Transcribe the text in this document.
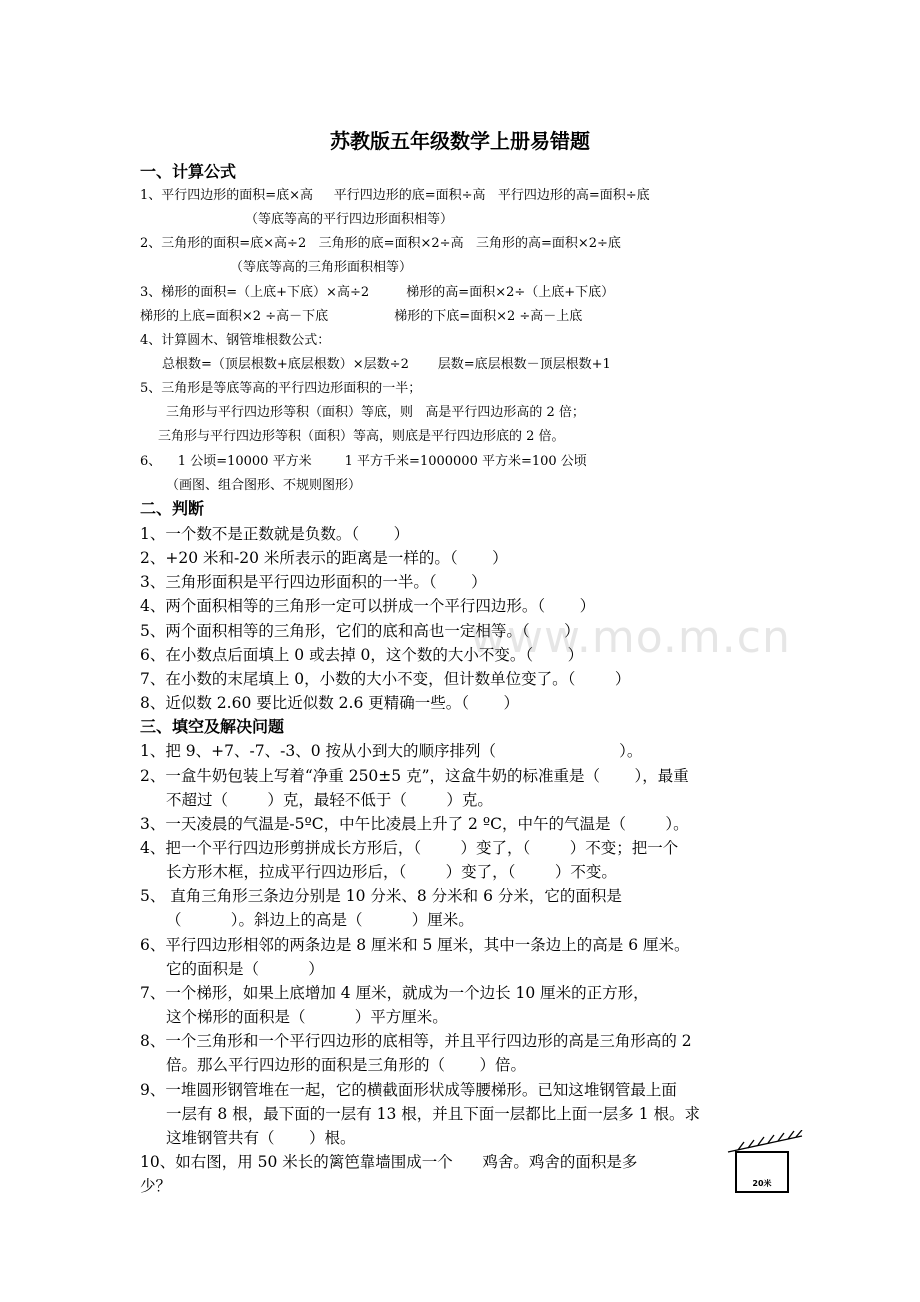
苏教版五年级数学上册易错题
www.mo.m.cn
一、计算公式
1、平行四边形的面积=底×高     平行四边形的底=面积÷高   平行四边形的高=面积÷底
（等底等高的平行四边形面积相等）
2、三角形的面积=底×高÷2   三角形的底=面积×2÷高   三角形的高=面积×2÷底
（等底等高的三角形面积相等）
3、梯形的面积=（上底+下底）×高÷2         梯形的高=面积×2÷（上底+下底）
梯形的上底=面积×2 ÷高－下底                梯形的下底=面积×2 ÷高－上底
4、计算圆木、钢管堆根数公式：
总根数=（顶层根数+底层根数）×层数÷2       层数=底层根数－顶层根数+1
5、三角形是等底等高的平行四边形面积的一半；
三角形与平行四边形等积（面积）等底，则   高是平行四边形高的 2 倍；
三角形与平行四边形等积（面积）等高，则底是平行四边形底的 2 倍。
6、    1 公顷=10000 平方米        1 平方千米=1000000 平方米=100 公顷
（画图、组合图形、不规则图形）
二、判断
1、一个数不是正数就是负数。（       ）
2、+20 米和-20 米所表示的距离是一样的。（       ）
3、三角形面积是平行四边形面积的一半。（       ）
4、两个面积相等的三角形一定可以拼成一个平行四边形。（       ）
5、两个面积相等的三角形，它们的底和高也一定相等。（       ）
6、在小数点后面填上 0 或去掉 0，这个数的大小不变。（       ）
7、在小数的末尾填上 0，小数的大小不变，但计数单位变了。（        ）
8、近似数 2.60 要比近似数 2.6 更精确一些。（       ）
三、填空及解决问题
1、把 9、+7、-7、-3、0 按从小到大的顺序排列（                         ）。
2、一盒牛奶包装上写着“净重 250±5 克”，这盒牛奶的标准重是（       ），最重
不超过（        ）克，最轻不低于（        ）克。
3、一天凌晨的气温是-5ºC，中午比凌晨上升了 2 ºC，中午的气温是（        ）。
4、把一个平行四边形剪拼成长方形后，（        ）变了，（        ）不变；把一个
长方形木框，拉成平行四边形后，（        ）变了，（        ）不变。
5、 直角三角形三条边分别是 10 分米、8 分米和 6 分米，它的面积是
（          ）。斜边上的高是（          ）厘米。
6、平行四边形相邻的两条边是 8 厘米和 5 厘米，其中一条边上的高是 6 厘米。
它的面积是（          ）
7、一个梯形，如果上底增加 4 厘米，就成为一个边长 10 厘米的正方形，
这个梯形的面积是（          ）平方厘米。
8、一个三角形和一个平行四边形的底相等，并且平行四边形的高是三角形高的 2
倍。那么平行四边形的面积是三角形的（       ）倍。
9、一堆圆形钢管堆在一起，它的横截面形状成等腰梯形。已知这堆钢管最上面
一层有 8 根，最下面的一层有 13 根，并且下面一层都比上面一层多 1 根。求
这堆钢管共有（       ）根。
10、如右图，用 50 米长的篱笆靠墙围成一个      鸡舍。鸡舍的面积是多
少？	20米
